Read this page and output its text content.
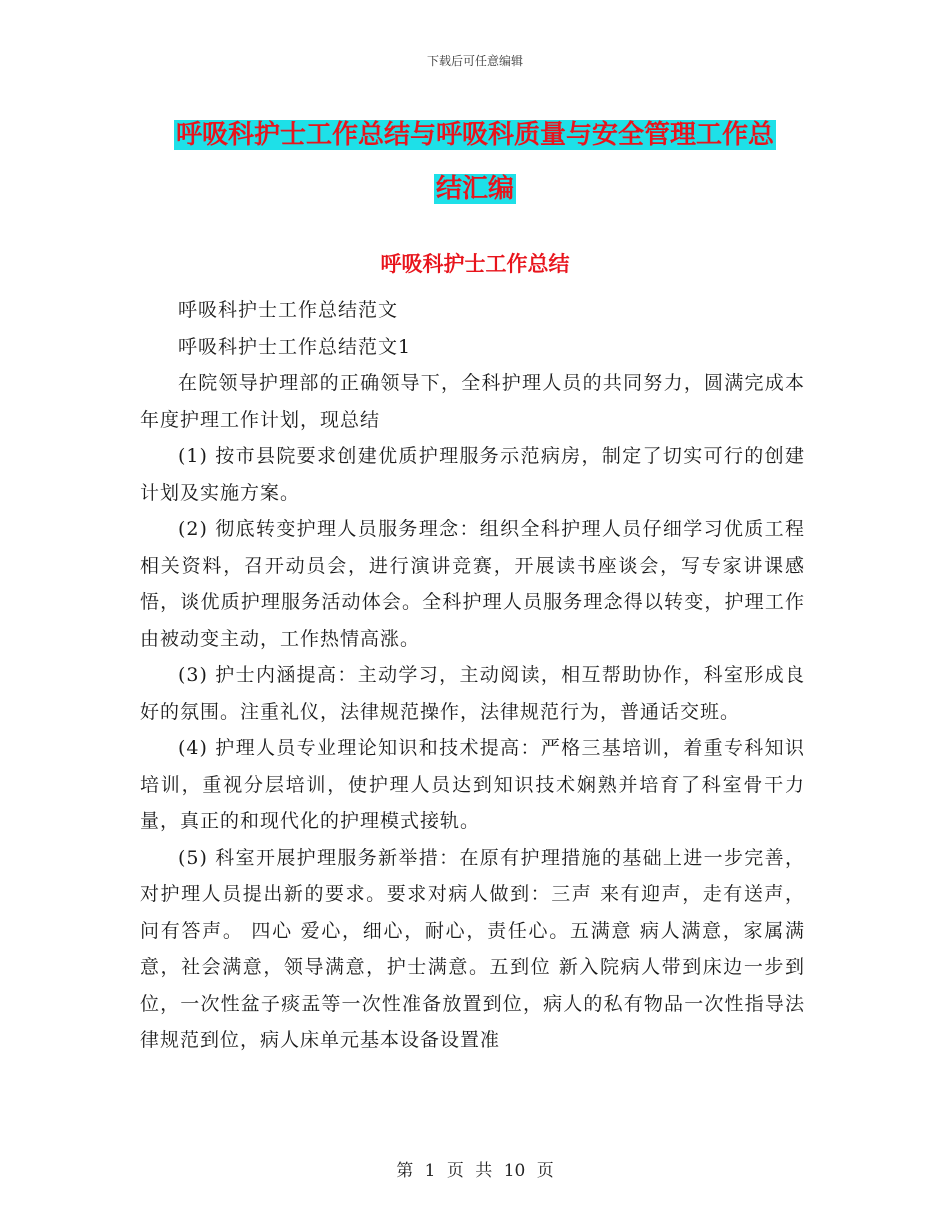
下载后可任意编辑
呼吸科护士工作总结与呼吸科质量与安全管理工作总
结汇编
呼吸科护士工作总结

呼吸科护士工作总结范文

呼吸科护士工作总结范文1

在院领导护理部的正确领导下，全科护理人员的共同努力，圆满完成本年度护理工作计划，现总结

(1) 按市县院要求创建优质护理服务示范病房，制定了切实可行的创建计划及实施方案。

(2) 彻底转变护理人员服务理念：组织全科护理人员仔细学习优质工程相关资料，召开动员会，进行演讲竞赛，开展读书座谈会，写专家讲课感悟，谈优质护理服务活动体会。全科护理人员服务理念得以转变，护理工作由被动变主动，工作热情高涨。

(3) 护士内涵提高：主动学习，主动阅读，相互帮助协作，科室形成良好的氛围。注重礼仪，法律规范操作，法律规范行为，普通话交班。

(4) 护理人员专业理论知识和技术提高：严格三基培训，着重专科知识培训，重视分层培训，使护理人员达到知识技术娴熟并培育了科室骨干力量，真正的和现代化的护理模式接轨。

(5) 科室开展护理服务新举措：在原有护理措施的基础上进一步完善，对护理人员提出新的要求。要求对病人做到：三声 来有迎声，走有送声，问有答声。 四心 爱心，细心，耐心，责任心。五满意 病人满意，家属满意，社会满意，领导满意，护士满意。五到位 新入院病人带到床边一步到位，一次性盆子痰盂等一次性准备放置到位，病人的私有物品一次性指导法律规范到位，病人床单元基本设备设置准

第 1 页 共 10 页
